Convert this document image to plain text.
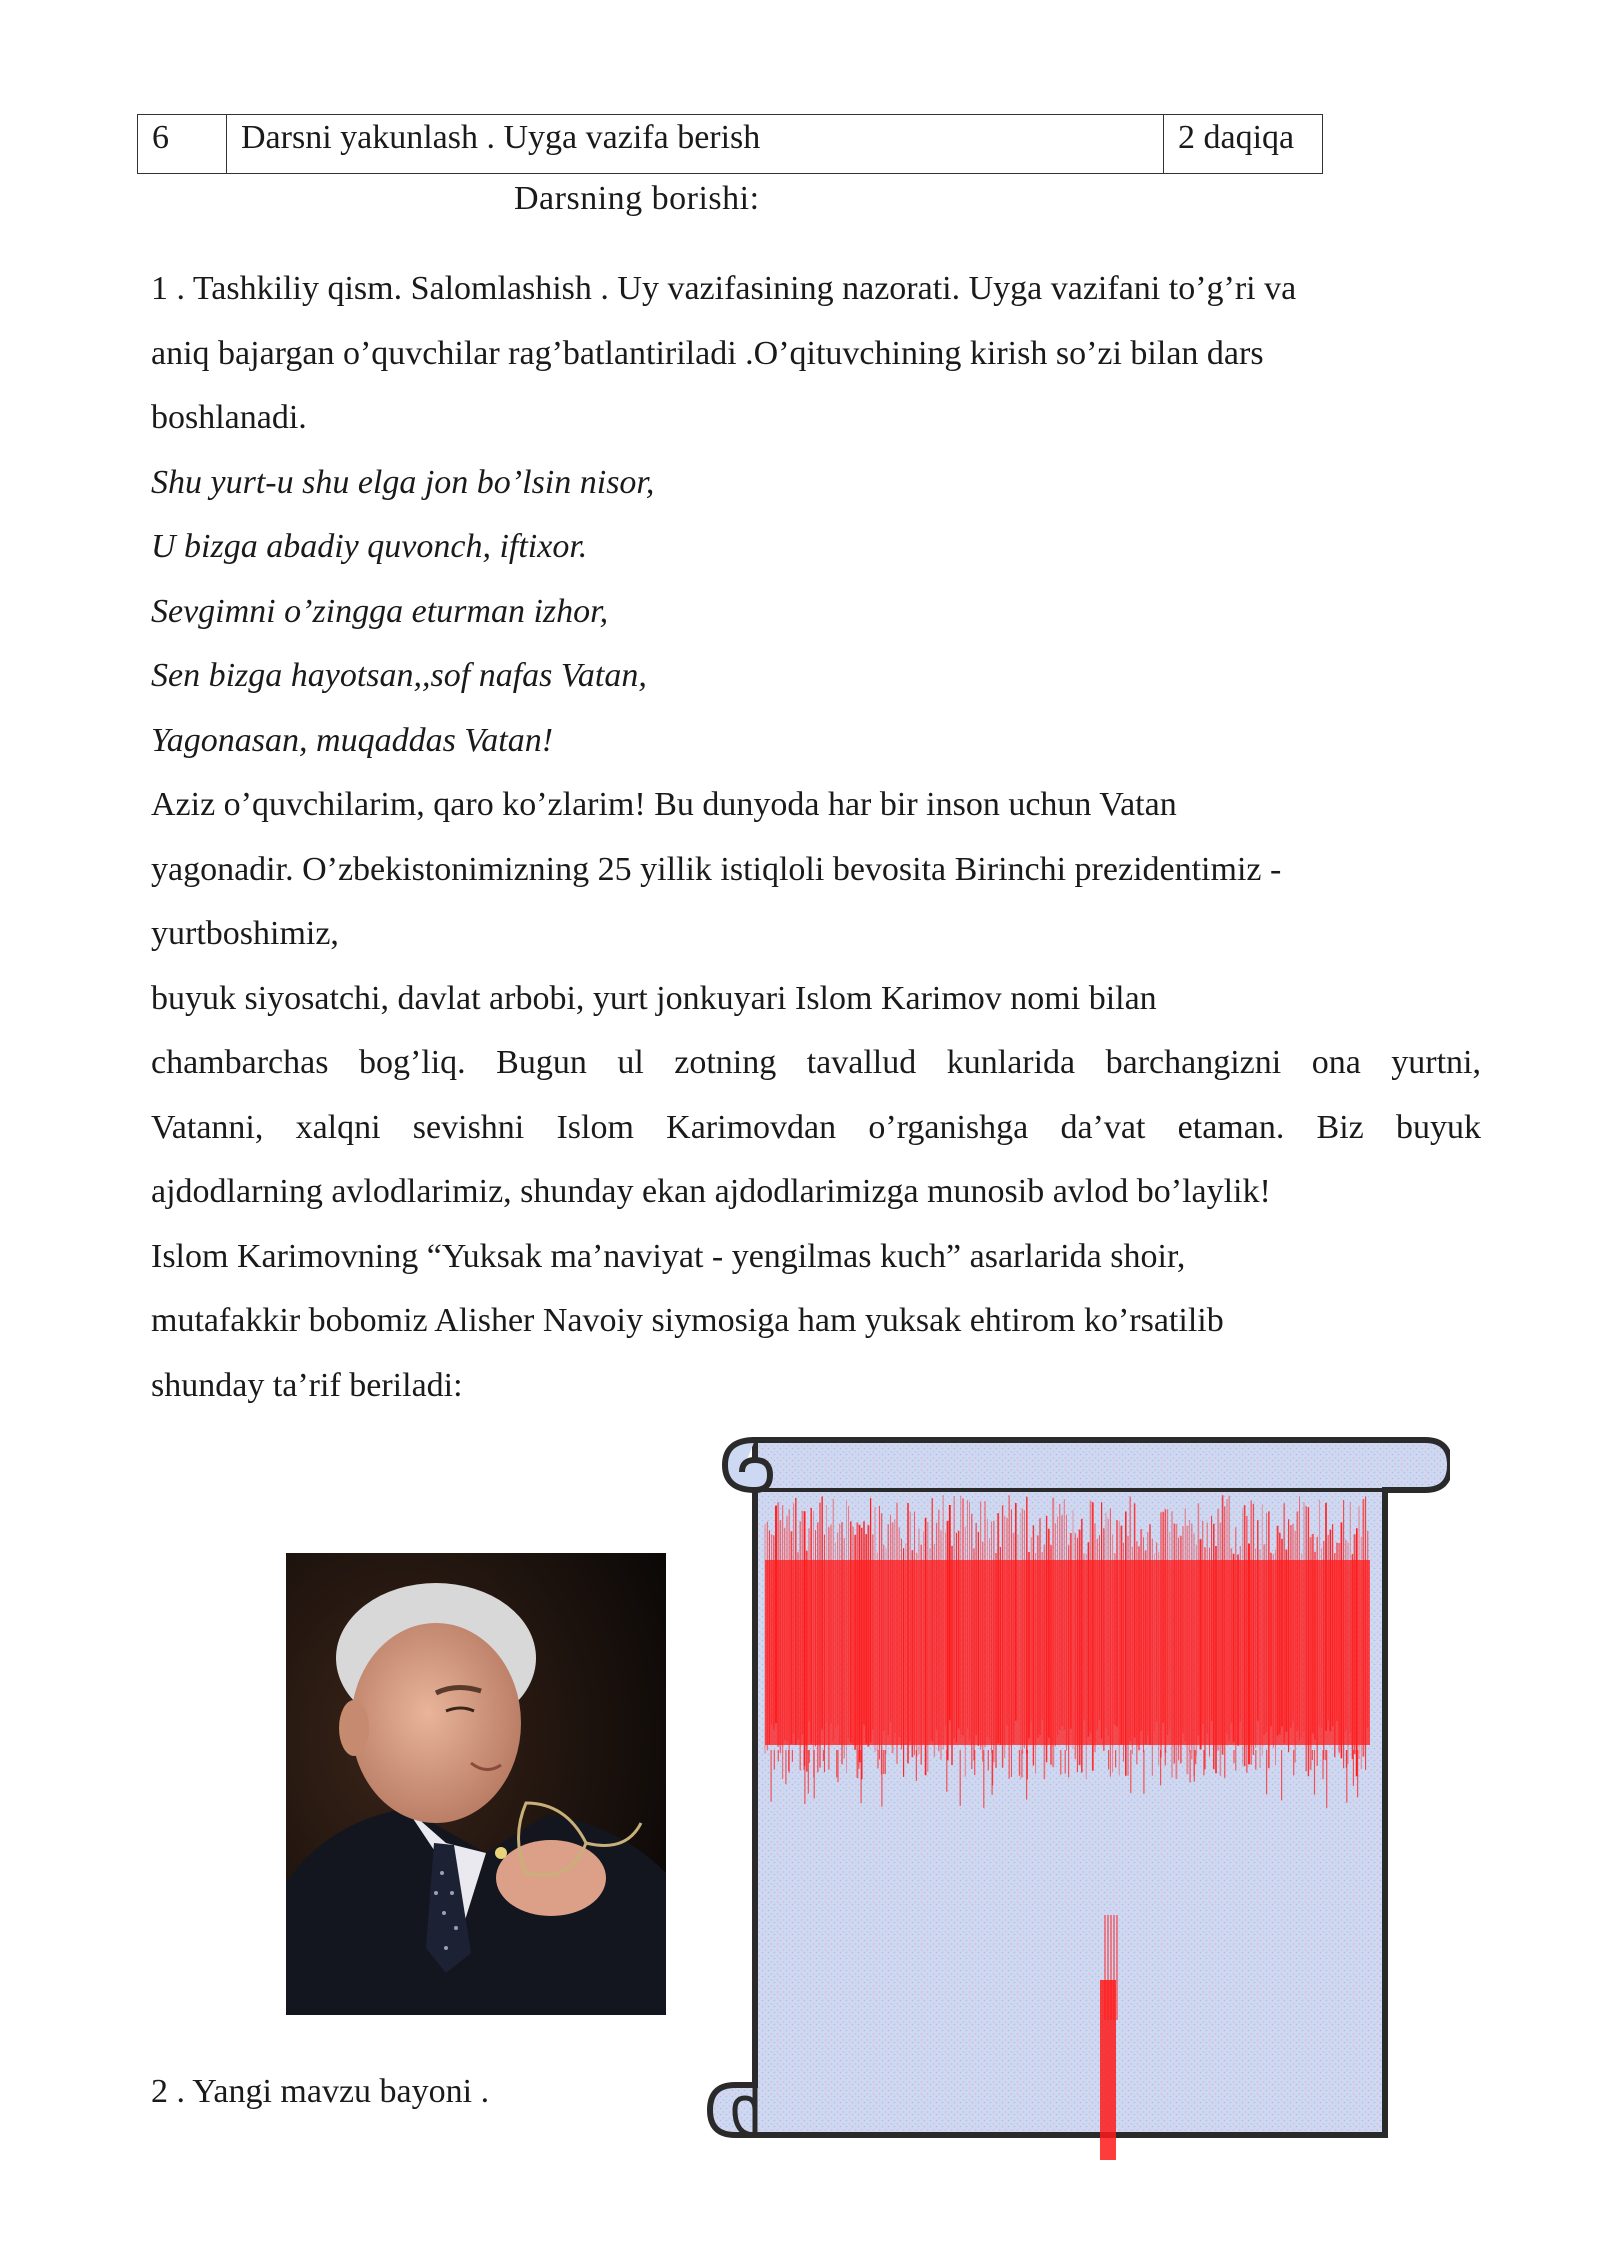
6	Darsni yakunlash . Uyga vazifa berish	2 daqiqa
Darsning borishi:

1 . Tashkiliy qism. Salomlashish . Uy vazifasining nazorati. Uyga vazifani to’g’ri va

aniq bajargan o’quvchilar rag’batlantiriladi .O’qituvchining kirish so’zi bilan dars

boshlanadi.

Shu yurt-u shu elga jon bo’lsin nisor,

U bizga abadiy quvonch, iftixor.

Sevgimni o’zingga eturman izhor,

Sen bizga hayotsan,,sof nafas Vatan,

Yagonasan, muqaddas Vatan!

Aziz o’quvchilarim, qaro ko’zlarim! Bu dunyoda har bir inson uchun Vatan

yagonadir. O’zbekistonimizning 25 yillik istiqloli bevosita Birinchi prezidentimiz -

yurtboshimiz,

buyuk siyosatchi, davlat arbobi, yurt jonkuyari Islom Karimov nomi bilan

chambarchas bog’liq. Bugun ul zotning tavallud kunlarida barchangizni ona yurtni,

Vatanni, xalqni sevishni Islom Karimovdan o’rganishga da’vat etaman. Biz buyuk

ajdodlarning avlodlarimiz, shunday ekan ajdodlarimizga munosib avlod bo’laylik!

Islom Karimovning “Yuksak ma’naviyat - yengilmas kuch” asarlarida shoir,

mutafakkir bobomiz Alisher Navoiy siymosiga ham yuksak ehtirom ko’rsatilib

shunday ta’rif beriladi:

2 . Yangi mavzu bayoni .
